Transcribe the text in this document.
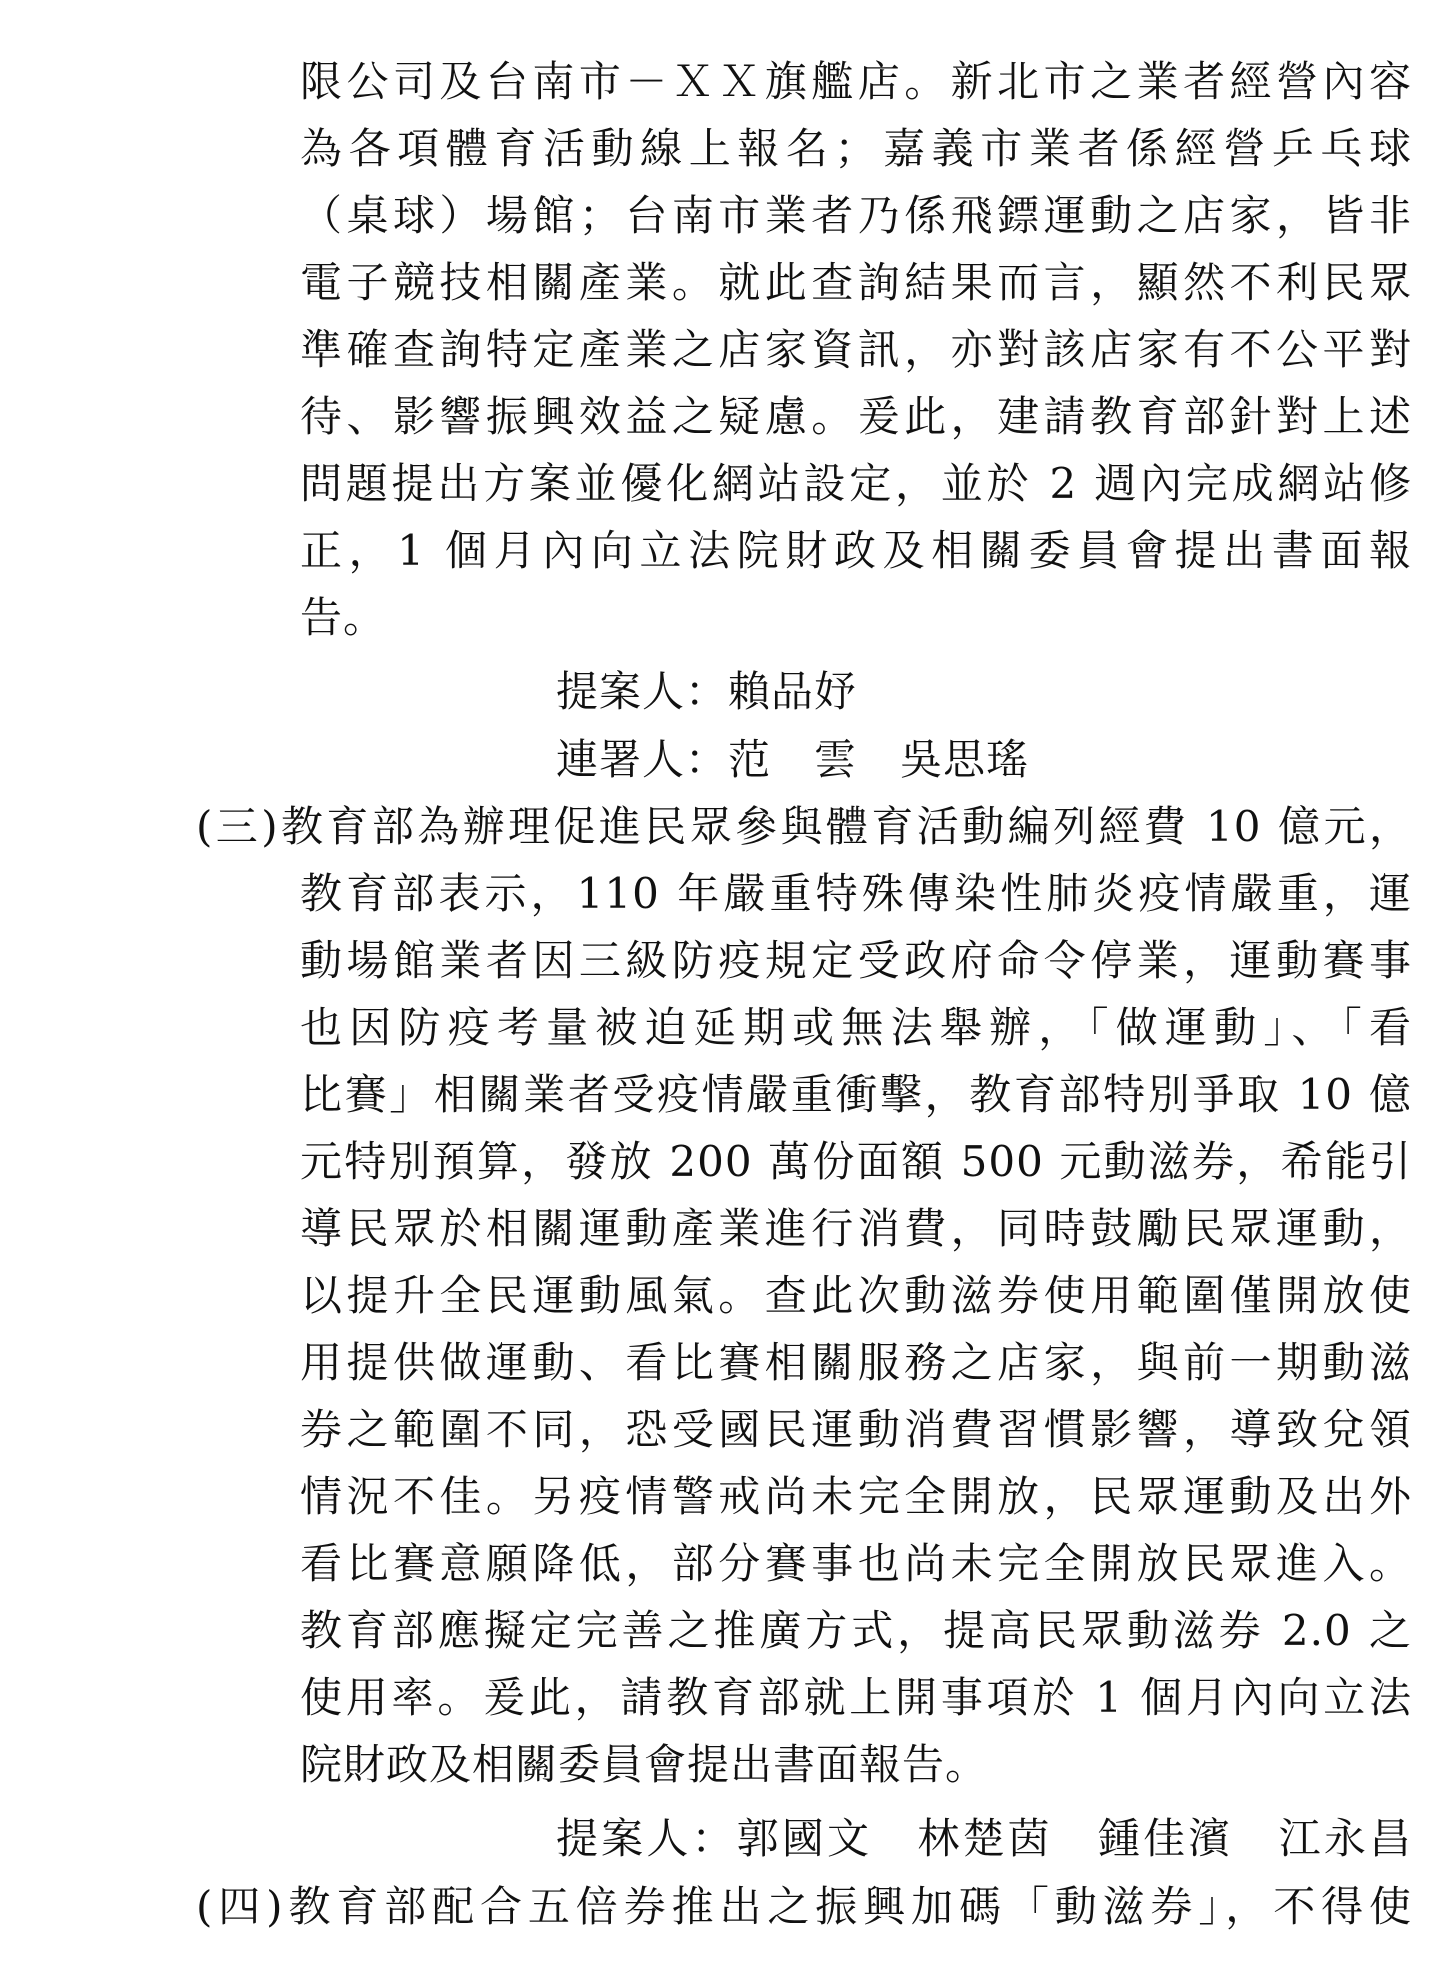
限公司及台南市－ＸＸ旗艦店。新北市之業者經營內容
為各項體育活動線上報名；嘉義市業者係經營乒乓球
（桌球）場館；台南市業者乃係飛鏢運動之店家，皆非
電子競技相關產業。就此查詢結果而言，顯然不利民眾
準確查詢特定產業之店家資訊，亦對該店家有不公平對
待、影響振興效益之疑慮。爰此，建請教育部針對上述
問題提出方案並優化網站設定，並於 2 週內完成網站修
正，1 個月內向立法院財政及相關委員會提出書面報
告。
提案人：賴品妤
連署人：范　雲　吳思瑤
(三)教育部為辦理促進民眾參與體育活動編列經費 10 億元，
教育部表示，110 年嚴重特殊傳染性肺炎疫情嚴重，運
動場館業者因三級防疫規定受政府命令停業，運動賽事
也因防疫考量被迫延期或無法舉辦，「做運動」、「看
比賽」相關業者受疫情嚴重衝擊，教育部特別爭取 10 億
元特別預算，發放 200 萬份面額 500 元動滋券，希能引
導民眾於相關運動產業進行消費，同時鼓勵民眾運動，
以提升全民運動風氣。查此次動滋券使用範圍僅開放使
用提供做運動、看比賽相關服務之店家，與前一期動滋
券之範圍不同，恐受國民運動消費習慣影響，導致兌領
情況不佳。另疫情警戒尚未完全開放，民眾運動及出外
看比賽意願降低，部分賽事也尚未完全開放民眾進入。
教育部應擬定完善之推廣方式，提高民眾動滋券 2.0 之
使用率。爰此，請教育部就上開事項於 1 個月內向立法
院財政及相關委員會提出書面報告。
提案人：郭國文　林楚茵　鍾佳濱　江永昌
(四)教育部配合五倍券推出之振興加碼「動滋券」，不得使
